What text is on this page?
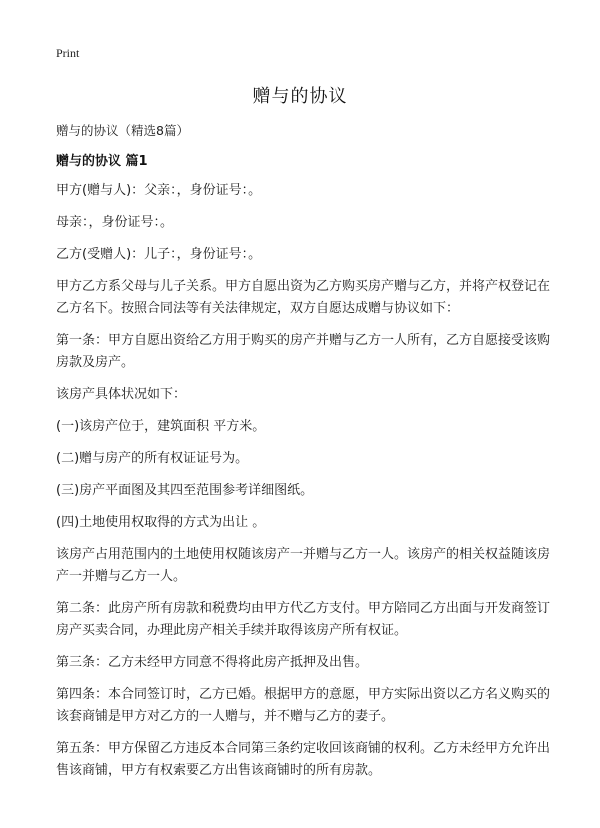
Print
赠与的协议
赠与的协议（精选8篇）
赠与的协议 篇1

甲方(赠与人)：父亲：，身份证号：。

母亲：，身份证号：。

乙方(受赠人)：儿子：，身份证号：。

甲方乙方系父母与儿子关系。甲方自愿出资为乙方购买房产赠与乙方，并将产权登记在乙方名下。按照合同法等有关法律规定，双方自愿达成赠与协议如下：

第一条：甲方自愿出资给乙方用于购买的房产并赠与乙方一人所有，乙方自愿接受该购房款及房产。

该房产具体状况如下：

(一)该房产位于，建筑面积 平方米。

(二)赠与房产的所有权证证号为。

(三)房产平面图及其四至范围参考详细图纸。

(四)土地使用权取得的方式为出让 。

该房产占用范围内的土地使用权随该房产一并赠与乙方一人。该房产的相关权益随该房产一并赠与乙方一人。

第二条：此房产所有房款和税费均由甲方代乙方支付。甲方陪同乙方出面与开发商签订房产买卖合同，办理此房产相关手续并取得该房产所有权证。

第三条：乙方未经甲方同意不得将此房产抵押及出售。

第四条：本合同签订时，乙方已婚。根据甲方的意愿，甲方实际出资以乙方名义购买的该套商铺是甲方对乙方的一人赠与，并不赠与乙方的妻子。

第五条：甲方保留乙方违反本合同第三条约定收回该商铺的权利。乙方未经甲方允许出售该商铺，甲方有权索要乙方出售该商铺时的所有房款。
